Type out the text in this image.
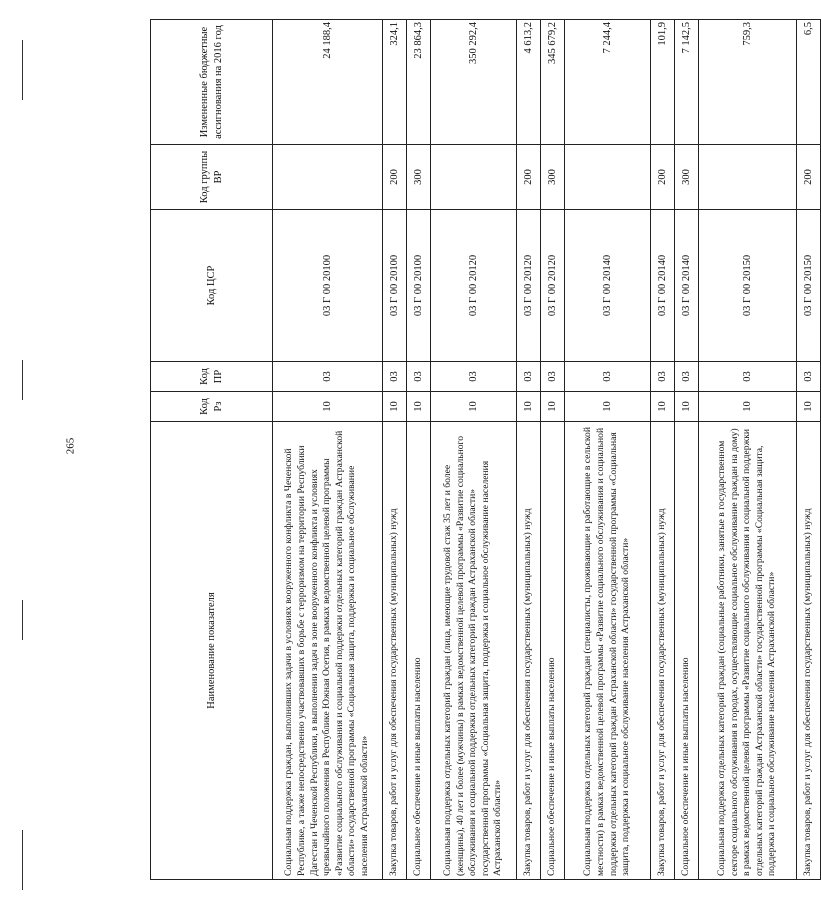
265
Наименование показателя	Код Рз	Код ПР	Код ЦСР	Код группы ВР	Измененные бюджетные ассигнования на 2016 год
Социальная поддержка граждан, выполнивших задачи в условиях вооруженного конфликта в Чеченской Республике, а также непосредственно участвовавших в борьбе с терроризмом на территории Республики Дагестан и Чеченской Республики, в выполнении задач в зоне вооруженного конфликта и условиях чрезвычайного положения в Республике Южная Осетия, в рамках ведомственной целевой программы «Развитие социального обслуживания и социальной поддержки отдельных категорий граждан Астраханской области» государственной программы «Социальная защита, поддержка и социальное обслуживание населения Астраханской области»	10	03	03 Г 00 20100		24 188,4
Закупка товаров, работ и услуг для обеспечения государственных (муниципальных) нужд	10	03	03 Г 00 20100	200	324,1
Социальное обеспечение и иные выплаты населению	10	03	03 Г 00 20100	300	23 864,3
Социальная поддержка отдельных категорий граждан (лица, имеющие трудовой стаж 35 лет и более (женщины), 40 лет и более (мужчины) в рамках ведомственной целевой программы «Развитие социального обслуживания и социальной поддержки отдельных категорий граждан Астраханской области» государственной программы «Социальная защита, поддержка и социальное обслуживание населения Астраханской области»	10	03	03 Г 00 20120		350 292,4
Закупка товаров, работ и услуг для обеспечения государственных (муниципальных) нужд	10	03	03 Г 00 20120	200	4 613,2
Социальное обеспечение и иные выплаты населению	10	03	03 Г 00 20120	300	345 679,2
Социальная поддержка отдельных категорий граждан (специалисты, проживающие и работающие в сельской местности) в рамках ведомственной целевой программы «Развитие социального обслуживания и социальной поддержки отдельных категорий граждан Астраханской области» государственной программы «Социальная защита, поддержка и социальное обслуживание населения Астраханской области»	10	03	03 Г 00 20140		7 244,4
Закупка товаров, работ и услуг для обеспечения государственных (муниципальных) нужд	10	03	03 Г 00 20140	200	101,9
Социальное обеспечение и иные выплаты населению	10	03	03 Г 00 20140	300	7 142,5
Социальная поддержка отдельных категорий граждан (социальные работники, занятые в государственном секторе социального обслуживания в городах, осуществляющие социальное обслуживание граждан на дому) в рамках ведомственной целевой программы «Развитие социального обслуживания и социальной поддержки отдельных категорий граждан Астраханской области» государственной программы «Социальная защита, поддержка и социальное обслуживание населения Астраханской области»	10	03	03 Г 00 20150		759,3
Закупка товаров, работ и услуг для обеспечения государственных (муниципальных) нужд	10	03	03 Г 00 20150	200	6,5
